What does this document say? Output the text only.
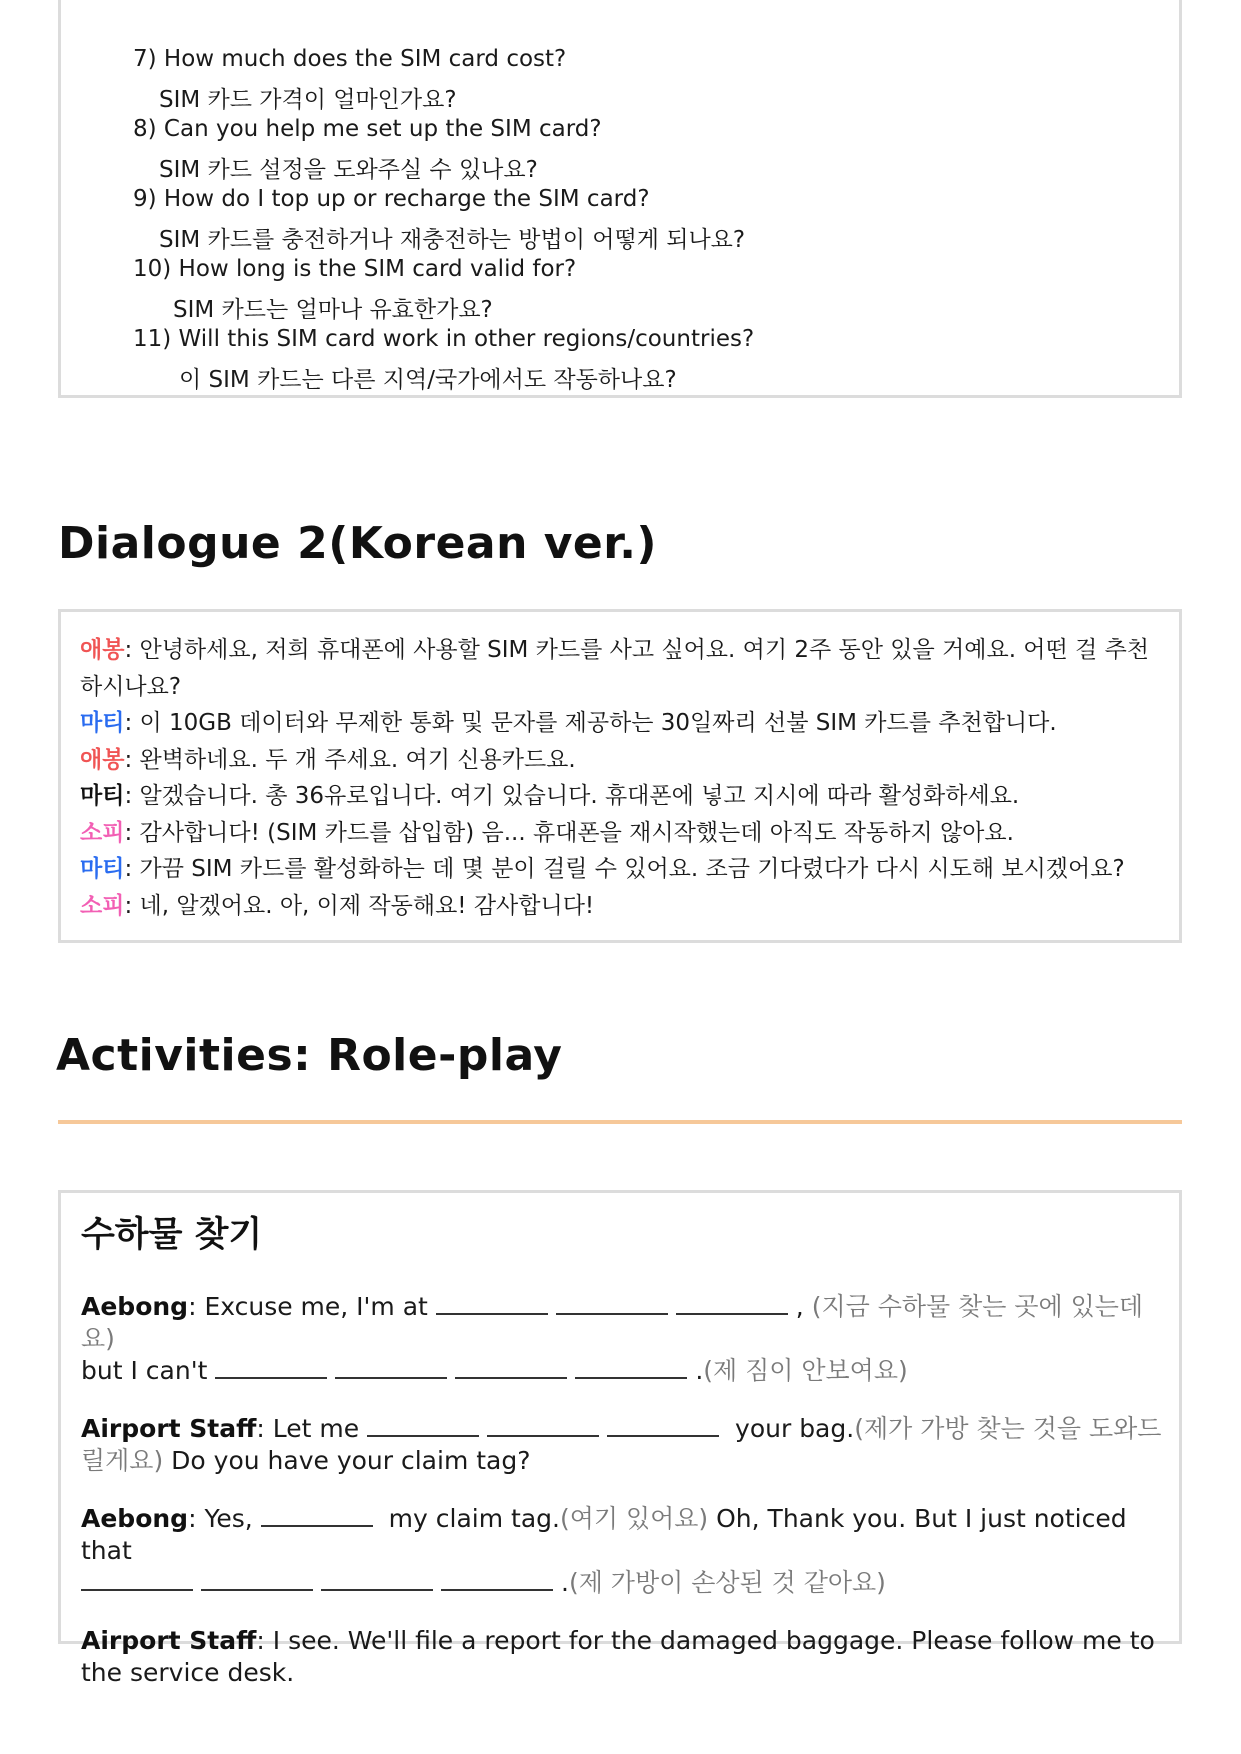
7) How much does the SIM card cost?
SIM 카드 가격이 얼마인가요?
8) Can you help me set up the SIM card?
SIM 카드 설정을 도와주실 수 있나요?
9) How do I top up or recharge the SIM card?
SIM 카드를 충전하거나 재충전하는 방법이 어떻게 되나요?
10) How long is the SIM card valid for?
SIM 카드는 얼마나 유효한가요?
11) Will this SIM card work in other regions/countries?
이 SIM 카드는 다른 지역/국가에서도 작동하나요?
Dialogue 2(Korean ver.)
애봉: 안녕하세요, 저희 휴대폰에 사용할 SIM 카드를 사고 싶어요. 여기 2주 동안 있을 거예요. 어떤 걸 추천하시나요?
마티: 이 10GB 데이터와 무제한 통화 및 문자를 제공하는 30일짜리 선불 SIM 카드를 추천합니다.
애봉: 완벽하네요. 두 개 주세요. 여기 신용카드요.
마티: 알겠습니다. 총 36유로입니다. 여기 있습니다. 휴대폰에 넣고 지시에 따라 활성화하세요.
소피: 감사합니다! (SIM 카드를 삽입함) 음... 휴대폰을 재시작했는데 아직도 작동하지 않아요.
마티: 가끔 SIM 카드를 활성화하는 데 몇 분이 걸릴 수 있어요. 조금 기다렸다가 다시 시도해 보시겠어요?
소피: 네, 알겠어요. 아, 이제 작동해요! 감사합니다!
Activities: Role-play
수하물 찾기
Aebong: Excuse me, I'm at	, (지금 수하물 찾는 곳에 있는데요)
but I can't	.(제 짐이 안보여요)
Airport Staff: Let me	your bag.(제가 가방 찾는 것을 도와드릴게요) Do you have your claim tag?
Aebong: Yes,	my claim tag.(여기 있어요) Oh, Thank you. But I just noticed that
.(제 가방이 손상된 것 같아요)
Airport Staff: I see. We'll file a report for the damaged baggage. Please follow me to the service desk.
